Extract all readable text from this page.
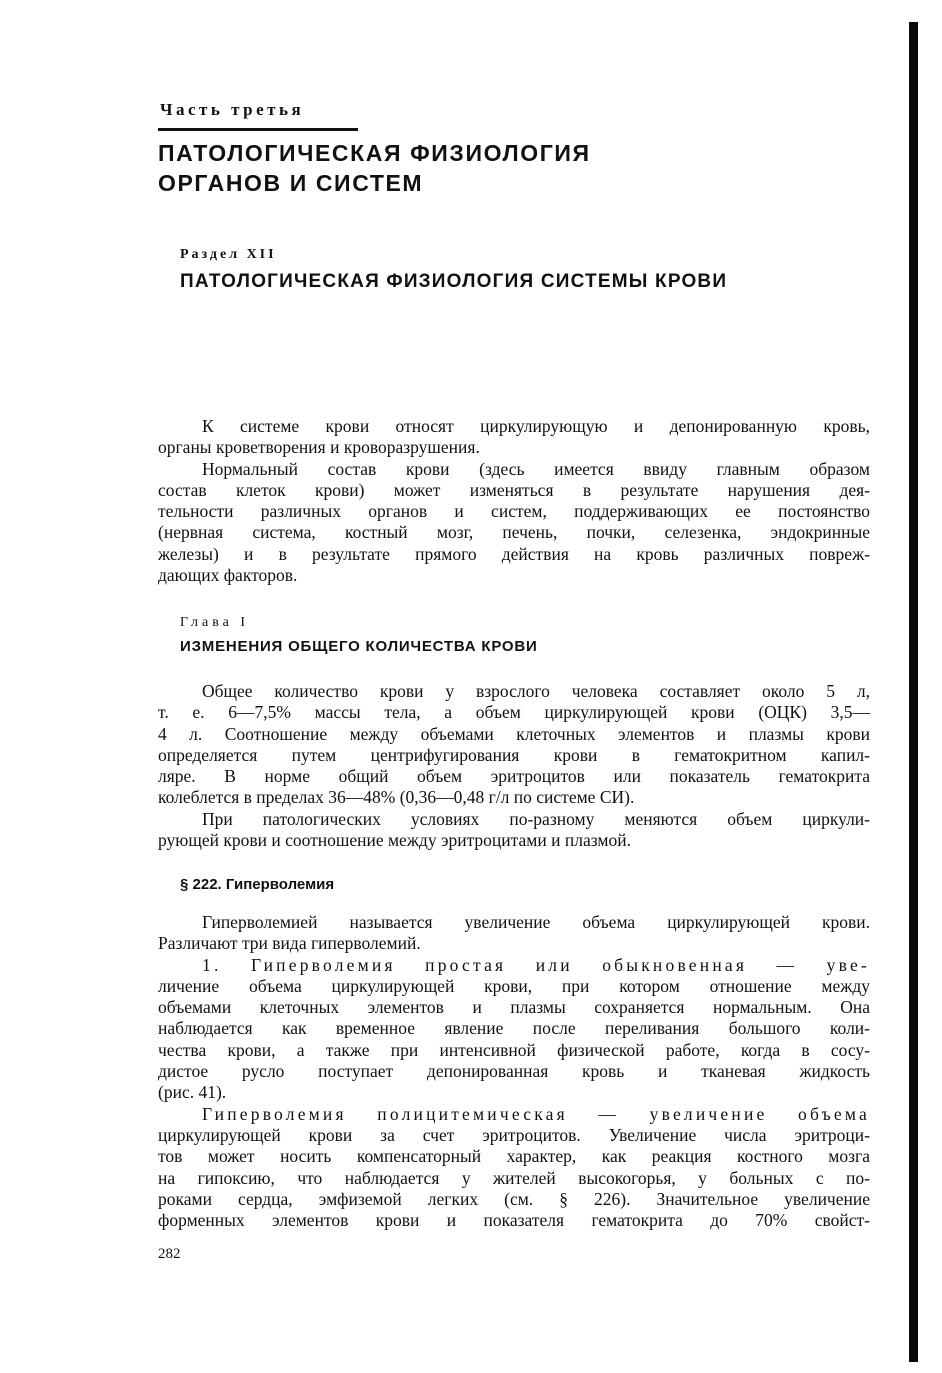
Часть третья
ПАТОЛОГИЧЕСКАЯ ФИЗИОЛОГИЯ
ОРГАНОВ И СИСТЕМ
Раздел XII
ПАТОЛОГИЧЕСКАЯ ФИЗИОЛОГИЯ СИСТЕМЫ КРОВИ
К системе крови относят циркулирующую и депонированную кровь,
органы кроветворения и кроворазрушения.
Нормальный состав крови (здесь имеется ввиду главным образом
состав клеток крови) может изменяться в результате нарушения дея-
тельности различных органов и систем, поддерживающих ее постоянство
(нервная система, костный мозг, печень, почки, селезенка, эндокринные
железы) и в результате прямого действия на кровь различных повреж-
дающих факторов.
Глава I
ИЗМЕНЕНИЯ ОБЩЕГО КОЛИЧЕСТВА КРОВИ
Общее количество крови у взрослого человека составляет около 5 л,
т. е. 6—7,5% массы тела, а объем циркулирующей крови (ОЦК) 3,5—
4 л. Соотношение между объемами клеточных элементов и плазмы крови
определяется путем центрифугирования крови в гематокритном капил-
ляре. В норме общий объем эритроцитов или показатель гематокрита
колеблется в пределах 36—48% (0,36—0,48 г/л по системе СИ).
При патологических условиях по-разному меняются объем циркули-
рующей крови и соотношение между эритроцитами и плазмой.
§ 222. Гиперволемия
Гиперволемией называется увеличение объема циркулирующей крови.
Различают три вида гиперволемий.
1. Гиперволемия простая или обыкновенная — уве-
личение объема циркулирующей крови, при котором отношение между
объемами клеточных элементов и плазмы сохраняется нормальным. Она
наблюдается как временное явление после переливания большого коли-
чества крови, а также при интенсивной физической работе, когда в сосу-
дистое русло поступает депонированная кровь и тканевая жидкость
(рис. 41).
Гиперволемия полицитемическая — увеличение объема
циркулирующей крови за счет эритроцитов. Увеличение числа эритроци-
тов может носить компенсаторный характер, как реакция костного мозга
на гипоксию, что наблюдается у жителей высокогорья, у больных с по-
роками сердца, эмфиземой легких (см. § 226). Значительное увеличение
форменных элементов крови и показателя гематокрита до 70% свойст-
282
